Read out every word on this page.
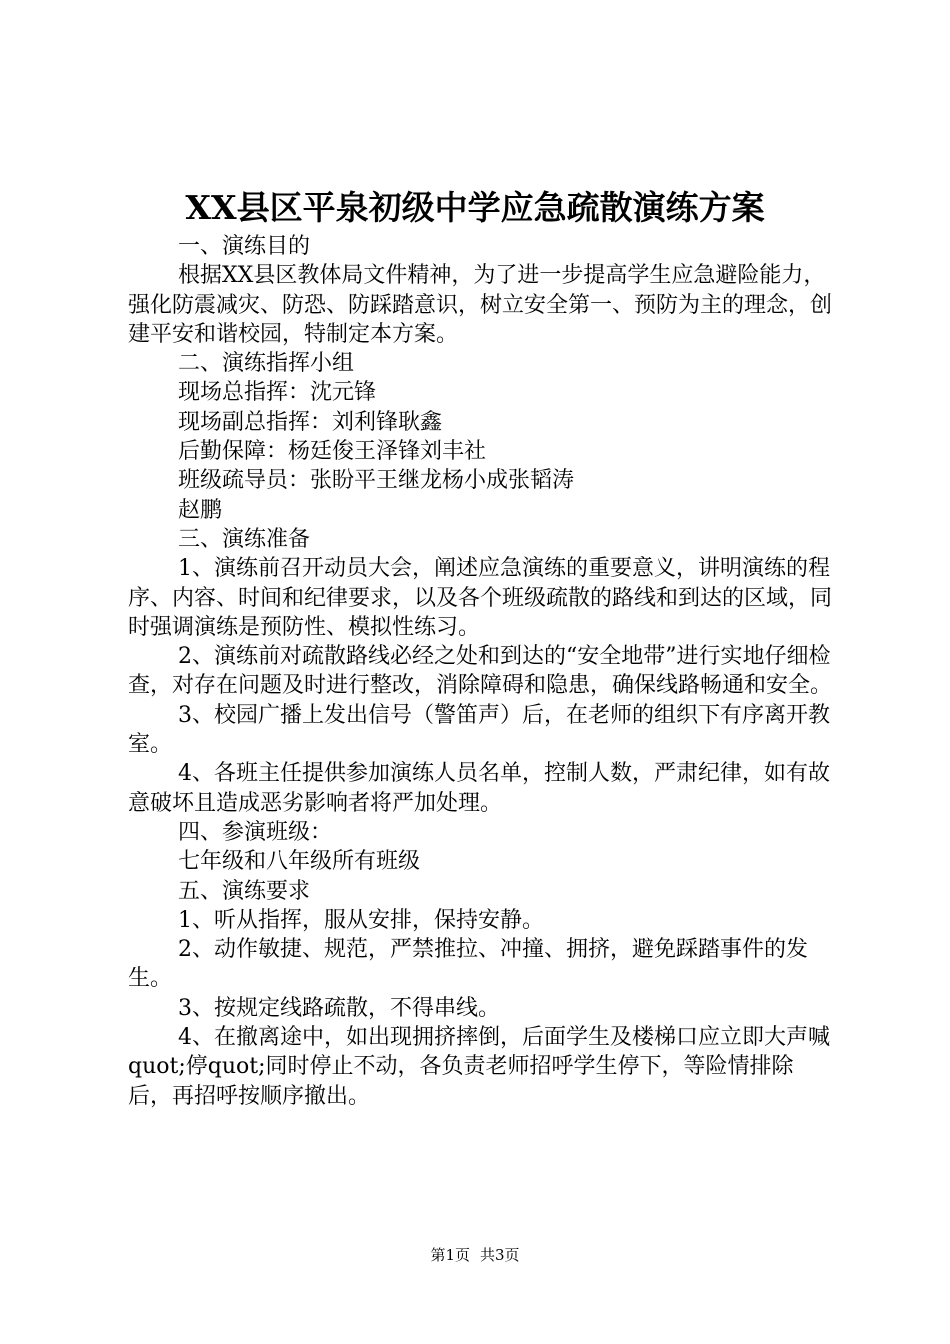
XX县区平泉初级中学应急疏散演练方案

一、演练目的

根据XX县区教体局文件精神，为了进一步提高学生应急避险能力，强化防震减灾、防恐、防踩踏意识，树立安全第一、预防为主的理念，创建平安和谐校园，特制定本方案。

二、演练指挥小组

现场总指挥：沈元锋

现场副总指挥：刘利锋耿鑫

后勤保障：杨廷俊王泽锋刘丰社

班级疏导员：张盼平王继龙杨小成张韬涛

赵鹏

三、演练准备

1、演练前召开动员大会，阐述应急演练的重要意义，讲明演练的程序、内容、时间和纪律要求，以及各个班级疏散的路线和到达的区域，同时强调演练是预防性、模拟性练习。

2、演练前对疏散路线必经之处和到达的“安全地带”进行实地仔细检查，对存在问题及时进行整改，消除障碍和隐患，确保线路畅通和安全。

3、校园广播上发出信号（警笛声）后，在老师的组织下有序离开教室。

4、各班主任提供参加演练人员名单，控制人数，严肃纪律，如有故意破坏且造成恶劣影响者将严加处理。

四、参演班级：

七年级和八年级所有班级

五、演练要求

1、听从指挥，服从安排，保持安静。

2、动作敏捷、规范，严禁推拉、冲撞、拥挤，避免踩踏事件的发生。

3、按规定线路疏散，不得串线。

4、在撤离途中，如出现拥挤摔倒，后面学生及楼梯口应立即大声喊quot;停quot;同时停止不动，各负责老师招呼学生停下，等险情排除后，再招呼按顺序撤出。

第1页 共3页
